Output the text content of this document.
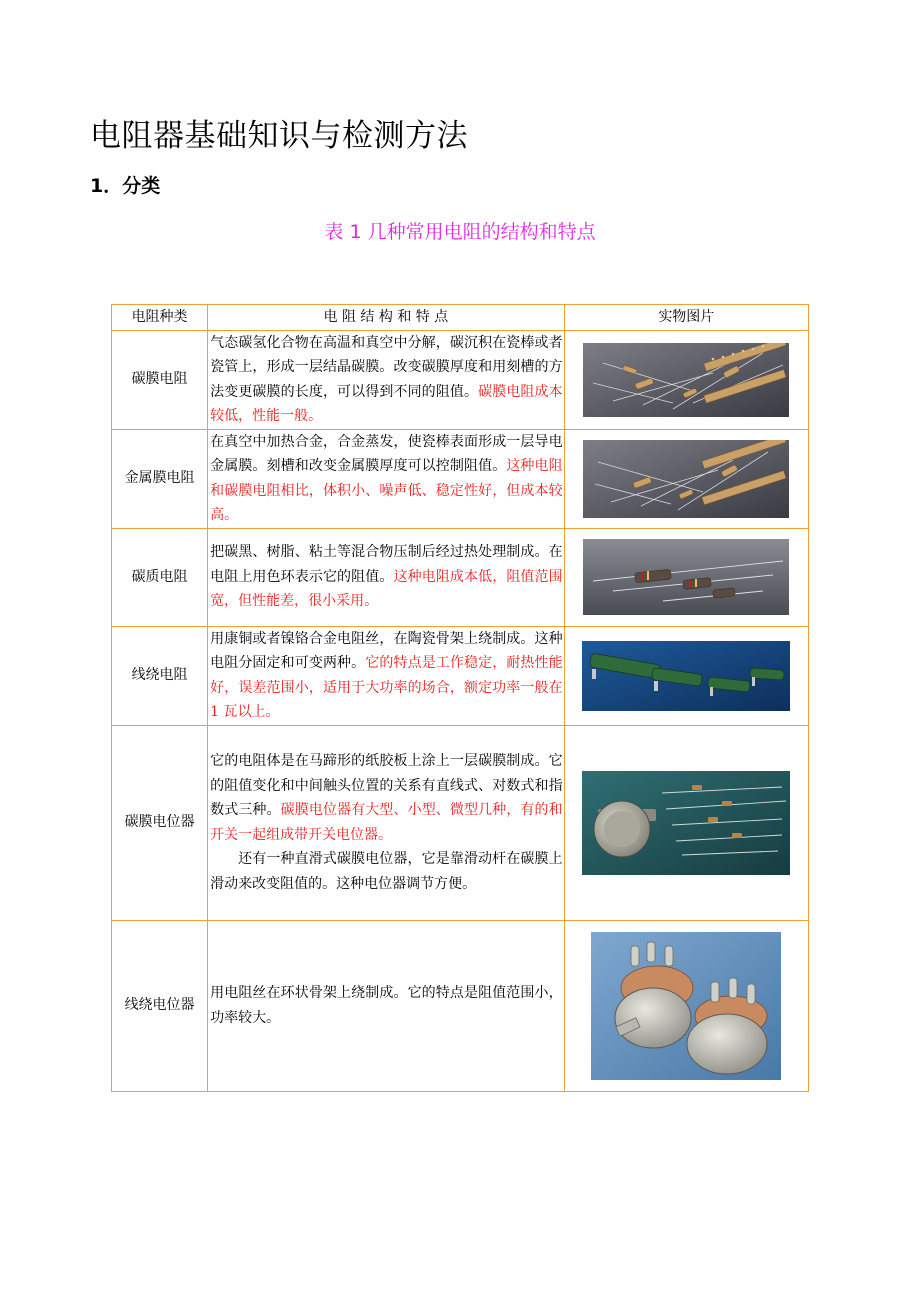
电阻器基础知识与检测方法
1．分类
表 1 几种常用电阻的结构和特点
电阻种类	电 阻 结 构 和 特 点	实物图片
碳膜电阻	气态碳氢化合物在高温和真空中分解，碳沉积在瓷棒或者瓷管上，形成一层结晶碳膜。改变碳膜厚度和用刻槽的方法变更碳膜的长度，可以得到不同的阻值。碳膜电阻成本较低，性能一般。	

金属膜电阻	在真空中加热合金，合金蒸发，使瓷棒表面形成一层导电金属膜。刻槽和改变金属膜厚度可以控制阻值。这种电阻和碳膜电阻相比，体积小、噪声低、稳定性好，但成本较高。	

碳质电阻	把碳黑、树脂、粘土等混合物压制后经过热处理制成。在电阻上用色环表示它的阻值。这种电阻成本低，阻值范围宽，但性能差，很小采用。	

线绕电阻	用康铜或者镍铬合金电阻丝，在陶瓷骨架上绕制成。这种电阻分固定和可变两种。它的特点是工作稳定，耐热性能好，误差范围小，适用于大功率的场合，额定功率一般在 1 瓦以上。	

碳膜电位器	它的电阻体是在马蹄形的纸胶板上涂上一层碳膜制成。它的阻值变化和中间触头位置的关系有直线式、对数式和指数式三种。碳膜电位器有大型、小型、微型几种，有的和开关一起组成带开关电位器。

还有一种直滑式碳膜电位器，它是靠滑动杆在碳膜上滑动来改变阻值的。这种电位器调节方便。

线绕电位器	用电阻丝在环状骨架上绕制成。它的特点是阻值范围小，功率较大。	
